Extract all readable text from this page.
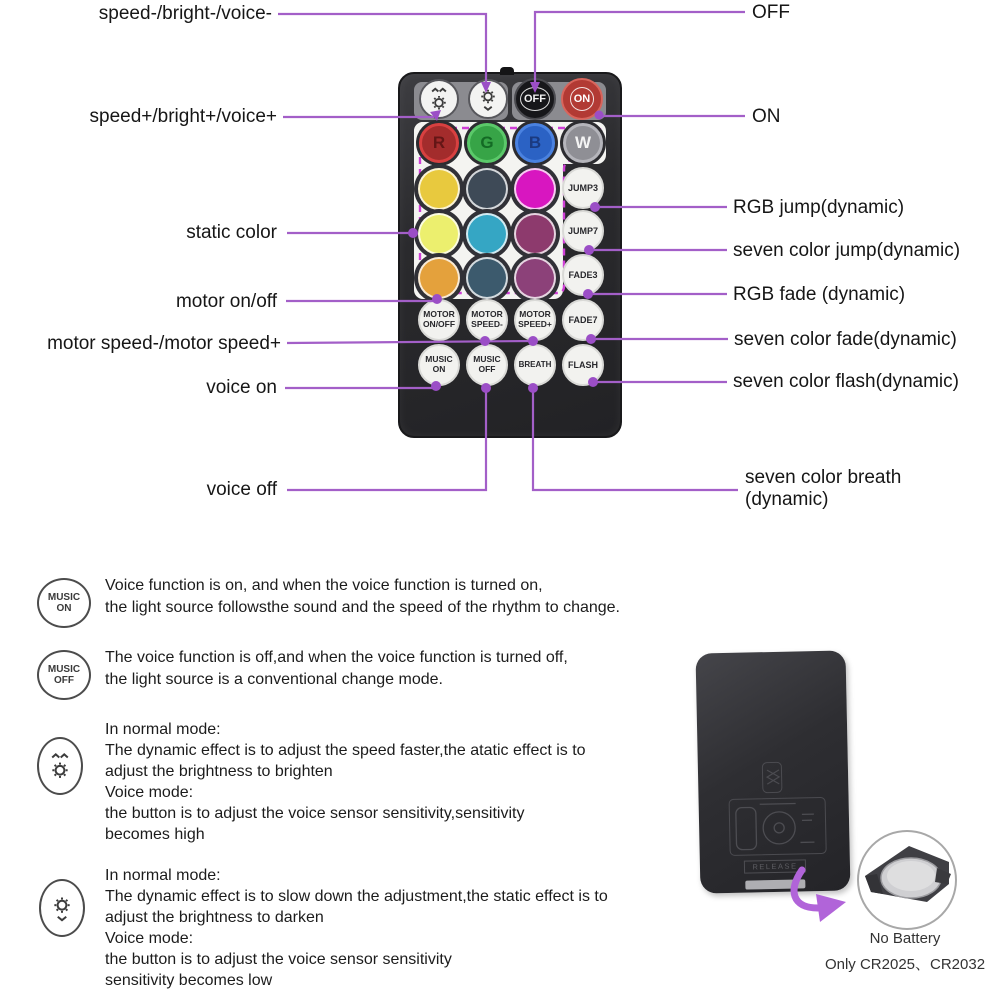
speed-/bright-/voice-
speed+/bright+/voice+
static color
motor on/off
motor speed-/motor speed+
voice on
voice off
OFF
ON
RGB jump(dynamic)
seven color jump(dynamic)
RGB fade (dynamic)
seven color fade(dynamic)
seven color flash(dynamic)
seven color breath
(dynamic)
OFF	ON
R G B W
JUMP3
JUMP7
FADE3
FADE7
FLASH
MOTOR
ON/OFF
MOTOR
SPEED-
MOTOR
SPEED+
MUSIC
ON
MUSIC
OFF	BREATH
MUSIC
ON
Voice function is on, and when the voice function is turned on,
the light source followsthe sound and the speed of the rhythm to change.
MUSIC
OFF
The voice function is off,and when the voice function is turned off,
the light source is a conventional change mode.
In normal mode:
The dynamic effect is to adjust the speed faster,the atatic effect is to
adjust the brightness to brighten
Voice mode:
the button is to adjust the voice sensor sensitivity,sensitivity
becomes high
In normal mode:
The dynamic effect is to slow down the adjustment,the static effect is to
adjust the brightness to darken
Voice mode:
the button is to adjust the voice sensor sensitivity
sensitivity becomes low
RELEASE
No Battery
Only CR2025、CR2032
